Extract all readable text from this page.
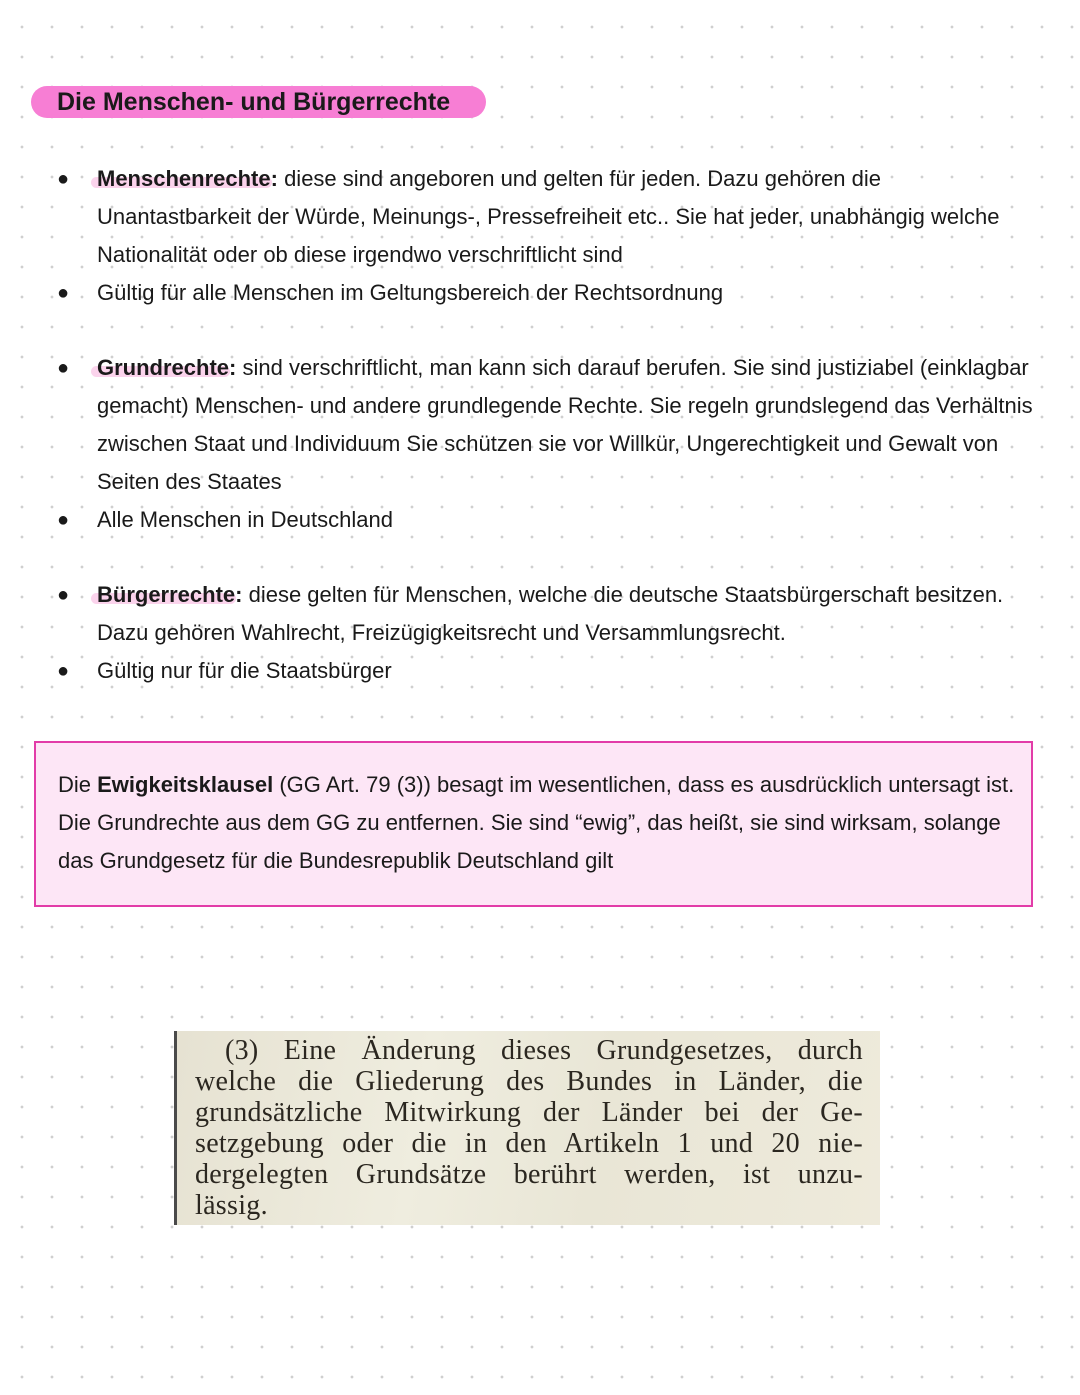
Die Menschen- und Bürgerrechte
● Menschenrechte: diese sind angeboren und gelten für jeden. Dazu gehören die Unantastbarkeit der Würde, Meinungs-, Pressefreiheit etc.. Sie hat jeder, unabhängig welche Nationalität oder ob diese irgendwo verschriftlicht sind
● Gültig für alle Menschen im Geltungsbereich der Rechtsordnung
● Grundrechte: sind verschriftlicht, man kann sich darauf berufen. Sie sind justiziabel (einklagbar gemacht) Menschen- und andere grundlegende Rechte. Sie regeln grundslegend das Verhältnis zwischen Staat und Individuum Sie schützen sie vor Willkür, Ungerechtigkeit und Gewalt von Seiten des Staates
● Alle Menschen in Deutschland
● Bürgerrechte: diese gelten für Menschen, welche die deutsche Staatsbürgerschaft besitzen. Dazu gehören Wahlrecht, Freizügigkeitsrecht und Versammlungsrecht.
● Gültig nur für die Staatsbürger
Die Ewigkeitsklausel (GG Art. 79 (3)) besagt im wesentlichen, dass es ausdrücklich untersagt ist. Die Grundrechte aus dem GG zu entfernen. Sie sind “ewig”, das heißt, sie sind wirksam, solange das Grundgesetz für die Bundesrepublik Deutschland gilt
(3) Eine Änderung dieses Grundgesetzes, durch
welche die Gliederung des Bundes in Länder, die
grundsätzliche Mitwirkung der Länder bei der Ge-
setzgebung oder die in den Artikeln 1 und 20 nie-
dergelegten Grundsätze berührt werden, ist unzu-
lässig.
